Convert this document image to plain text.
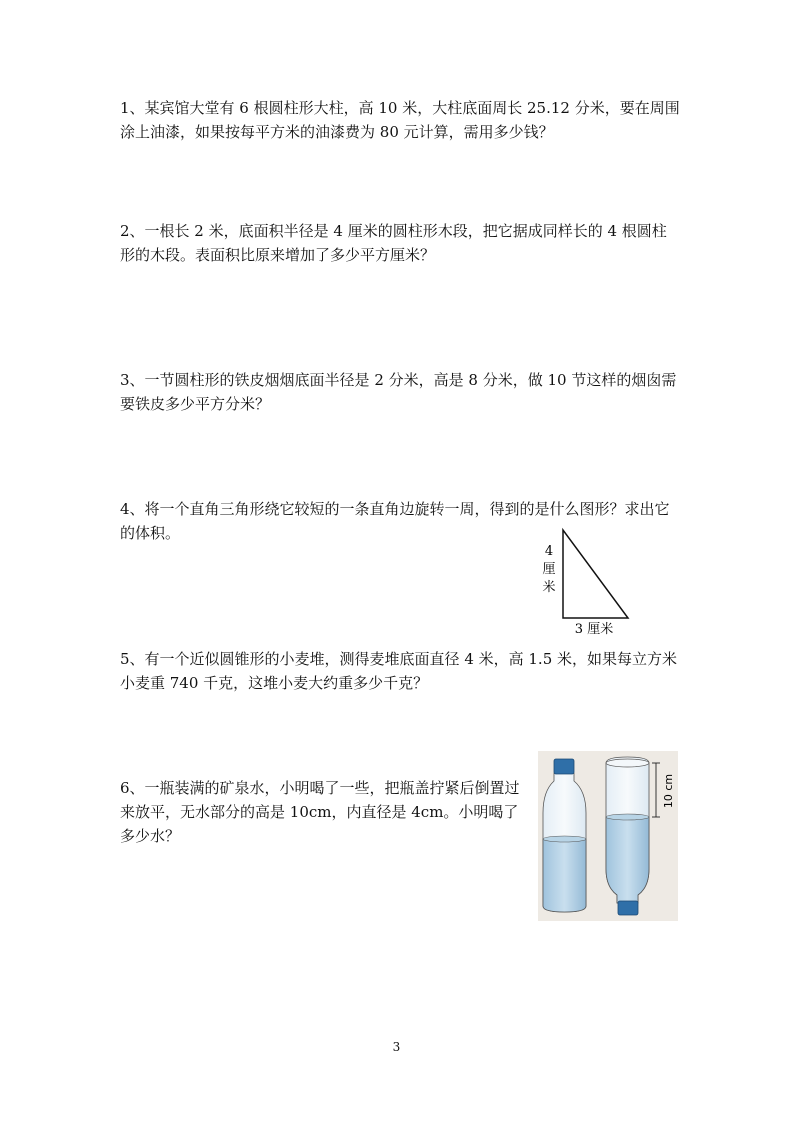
1、某宾馆大堂有 6 根圆柱形大柱，高 10 米，大柱底面周长 25.12 分米，要在周围涂上油漆，如果按每平方米的油漆费为 80 元计算，需用多少钱？

2、一根长 2 米，底面积半径是 4 厘米的圆柱形木段，把它据成同样长的 4 根圆柱形的木段。表面积比原来增加了多少平方厘米？

3、一节圆柱形的铁皮烟烟底面半径是 2 分米，高是 8 分米，做 10 节这样的烟囱需要铁皮多少平方分米？

4、将一个直角三角形绕它较短的一条直角边旋转一周，得到的是什么图形？求出它的体积。

4
厘
米
3 厘米

5、有一个近似圆锥形的小麦堆，测得麦堆底面直径 4 米，高 1.5 米，如果每立方米小麦重 740 千克，这堆小麦大约重多少千克？

6、一瓶装满的矿泉水，小明喝了一些，把瓶盖拧紧后倒置过来放平，无水部分的高是 10cm，内直径是 4cm。小明喝了多少水？

10 cm
3
